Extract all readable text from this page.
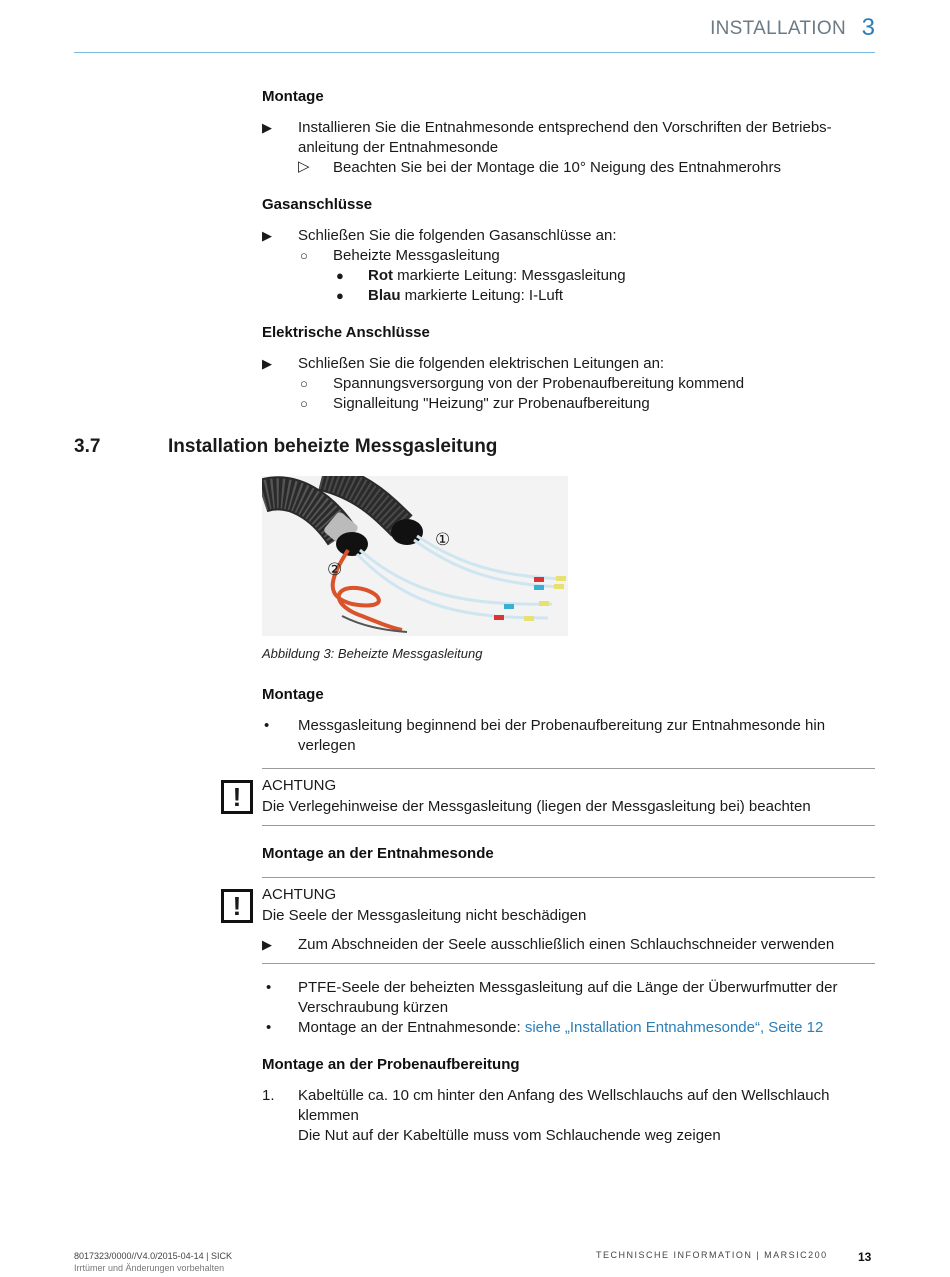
INSTALLATION 3
Montage
▶ Installieren Sie die Entnahmesonde entsprechend den Vorschriften der Betriebs-
anleitung der Entnahmesonde
▷ Beachten Sie bei der Montage die 10° Neigung des Entnahmerohrs
Gasanschlüsse
▶ Schließen Sie die folgenden Gasanschlüsse an:
○ Beheizte Messgasleitung
● Rot markierte Leitung: Messgasleitung
● Blau markierte Leitung: I-Luft
Elektrische Anschlüsse
▶ Schließen Sie die folgenden elektrischen Leitungen an:
○ Spannungsversorgung von der Probenaufbereitung kommend
○ Signalleitung "Heizung" zur Probenaufbereitung
3.7	Installation beheizte Messgasleitung
①
②
Abbildung 3: Beheizte Messgasleitung
Montage
• Messgasleitung beginnend bei der Probenaufbereitung zur Entnahmesonde hin
verlegen
!	ACHTUNG
Die Verlegehinweise der Messgasleitung (liegen der Messgasleitung bei) beachten
Montage an der Entnahmesonde
!	ACHTUNG
Die Seele der Messgasleitung nicht beschädigen
▶ Zum Abschneiden der Seele ausschließlich einen Schlauchschneider verwenden
• PTFE-Seele der beheizten Messgasleitung auf die Länge der Überwurfmutter der
Verschraubung kürzen
• Montage an der Entnahmesonde: siehe „Installation Entnahmesonde“, Seite 12
Montage an der Probenaufbereitung
1. Kabeltülle ca. 10 cm hinter den Anfang des Wellschlauchs auf den Wellschlauch
klemmen
Die Nut auf der Kabeltülle muss vom Schlauchende weg zeigen
8017323/0000//V4.0/2015-04-14 | SICK
Irrtümer und Änderungen vorbehalten
TECHNISCHE INFORMATION | MARSIC200	13
